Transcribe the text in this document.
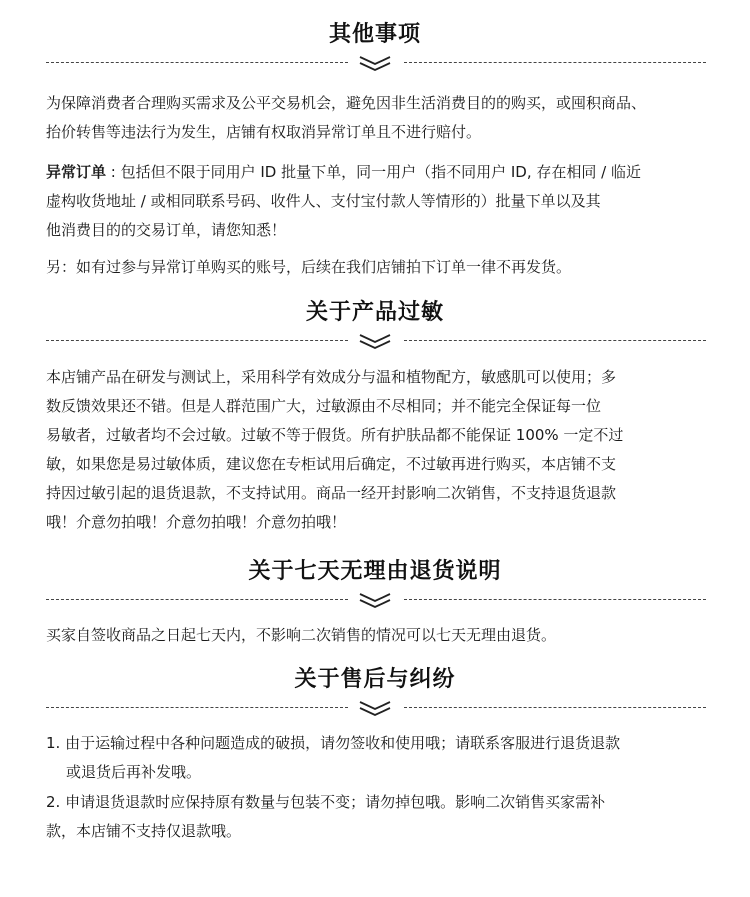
其他事项

为保障消费者合理购买需求及公平交易机会，避免因非生活消费目的的购买，或囤积商品、
抬价转售等违法行为发生，店铺有权取消异常订单且不进行赔付。

异常订单 : 包括但不限于同用户 ID 批量下单，同一用户（指不同用户 ID, 存在相同 / 临近
虚构收货地址 / 或相同联系号码、收件人、支付宝付款人等情形的）批量下单以及其
他消费目的的交易订单，请您知悉！

另：如有过参与异常订单购买的账号，后续在我们店铺拍下订单一律不再发货。

关于产品过敏

本店铺产品在研发与测试上，采用科学有效成分与温和植物配方，敏感肌可以使用；多
数反馈效果还不错。但是人群范围广大，过敏源由不尽相同；并不能完全保证每一位
易敏者，过敏者均不会过敏。过敏不等于假货。所有护肤品都不能保证 100% 一定不过
敏，如果您是易过敏体质，建议您在专柜试用后确定，不过敏再进行购买，本店铺不支
持因过敏引起的退货退款，不支持试用。商品一经开封影响二次销售，不支持退货退款
哦！介意勿拍哦！介意勿拍哦！介意勿拍哦！

关于七天无理由退货说明

买家自签收商品之日起七天内，不影响二次销售的情况可以七天无理由退货。

关于售后与纠纷

1. 由于运输过程中各种问题造成的破损，请勿签收和使用哦；请联系客服进行退货退款
或退货后再补发哦。

2. 申请退货退款时应保持原有数量与包装不变；请勿掉包哦。影响二次销售买家需补
款，本店铺不支持仅退款哦。
